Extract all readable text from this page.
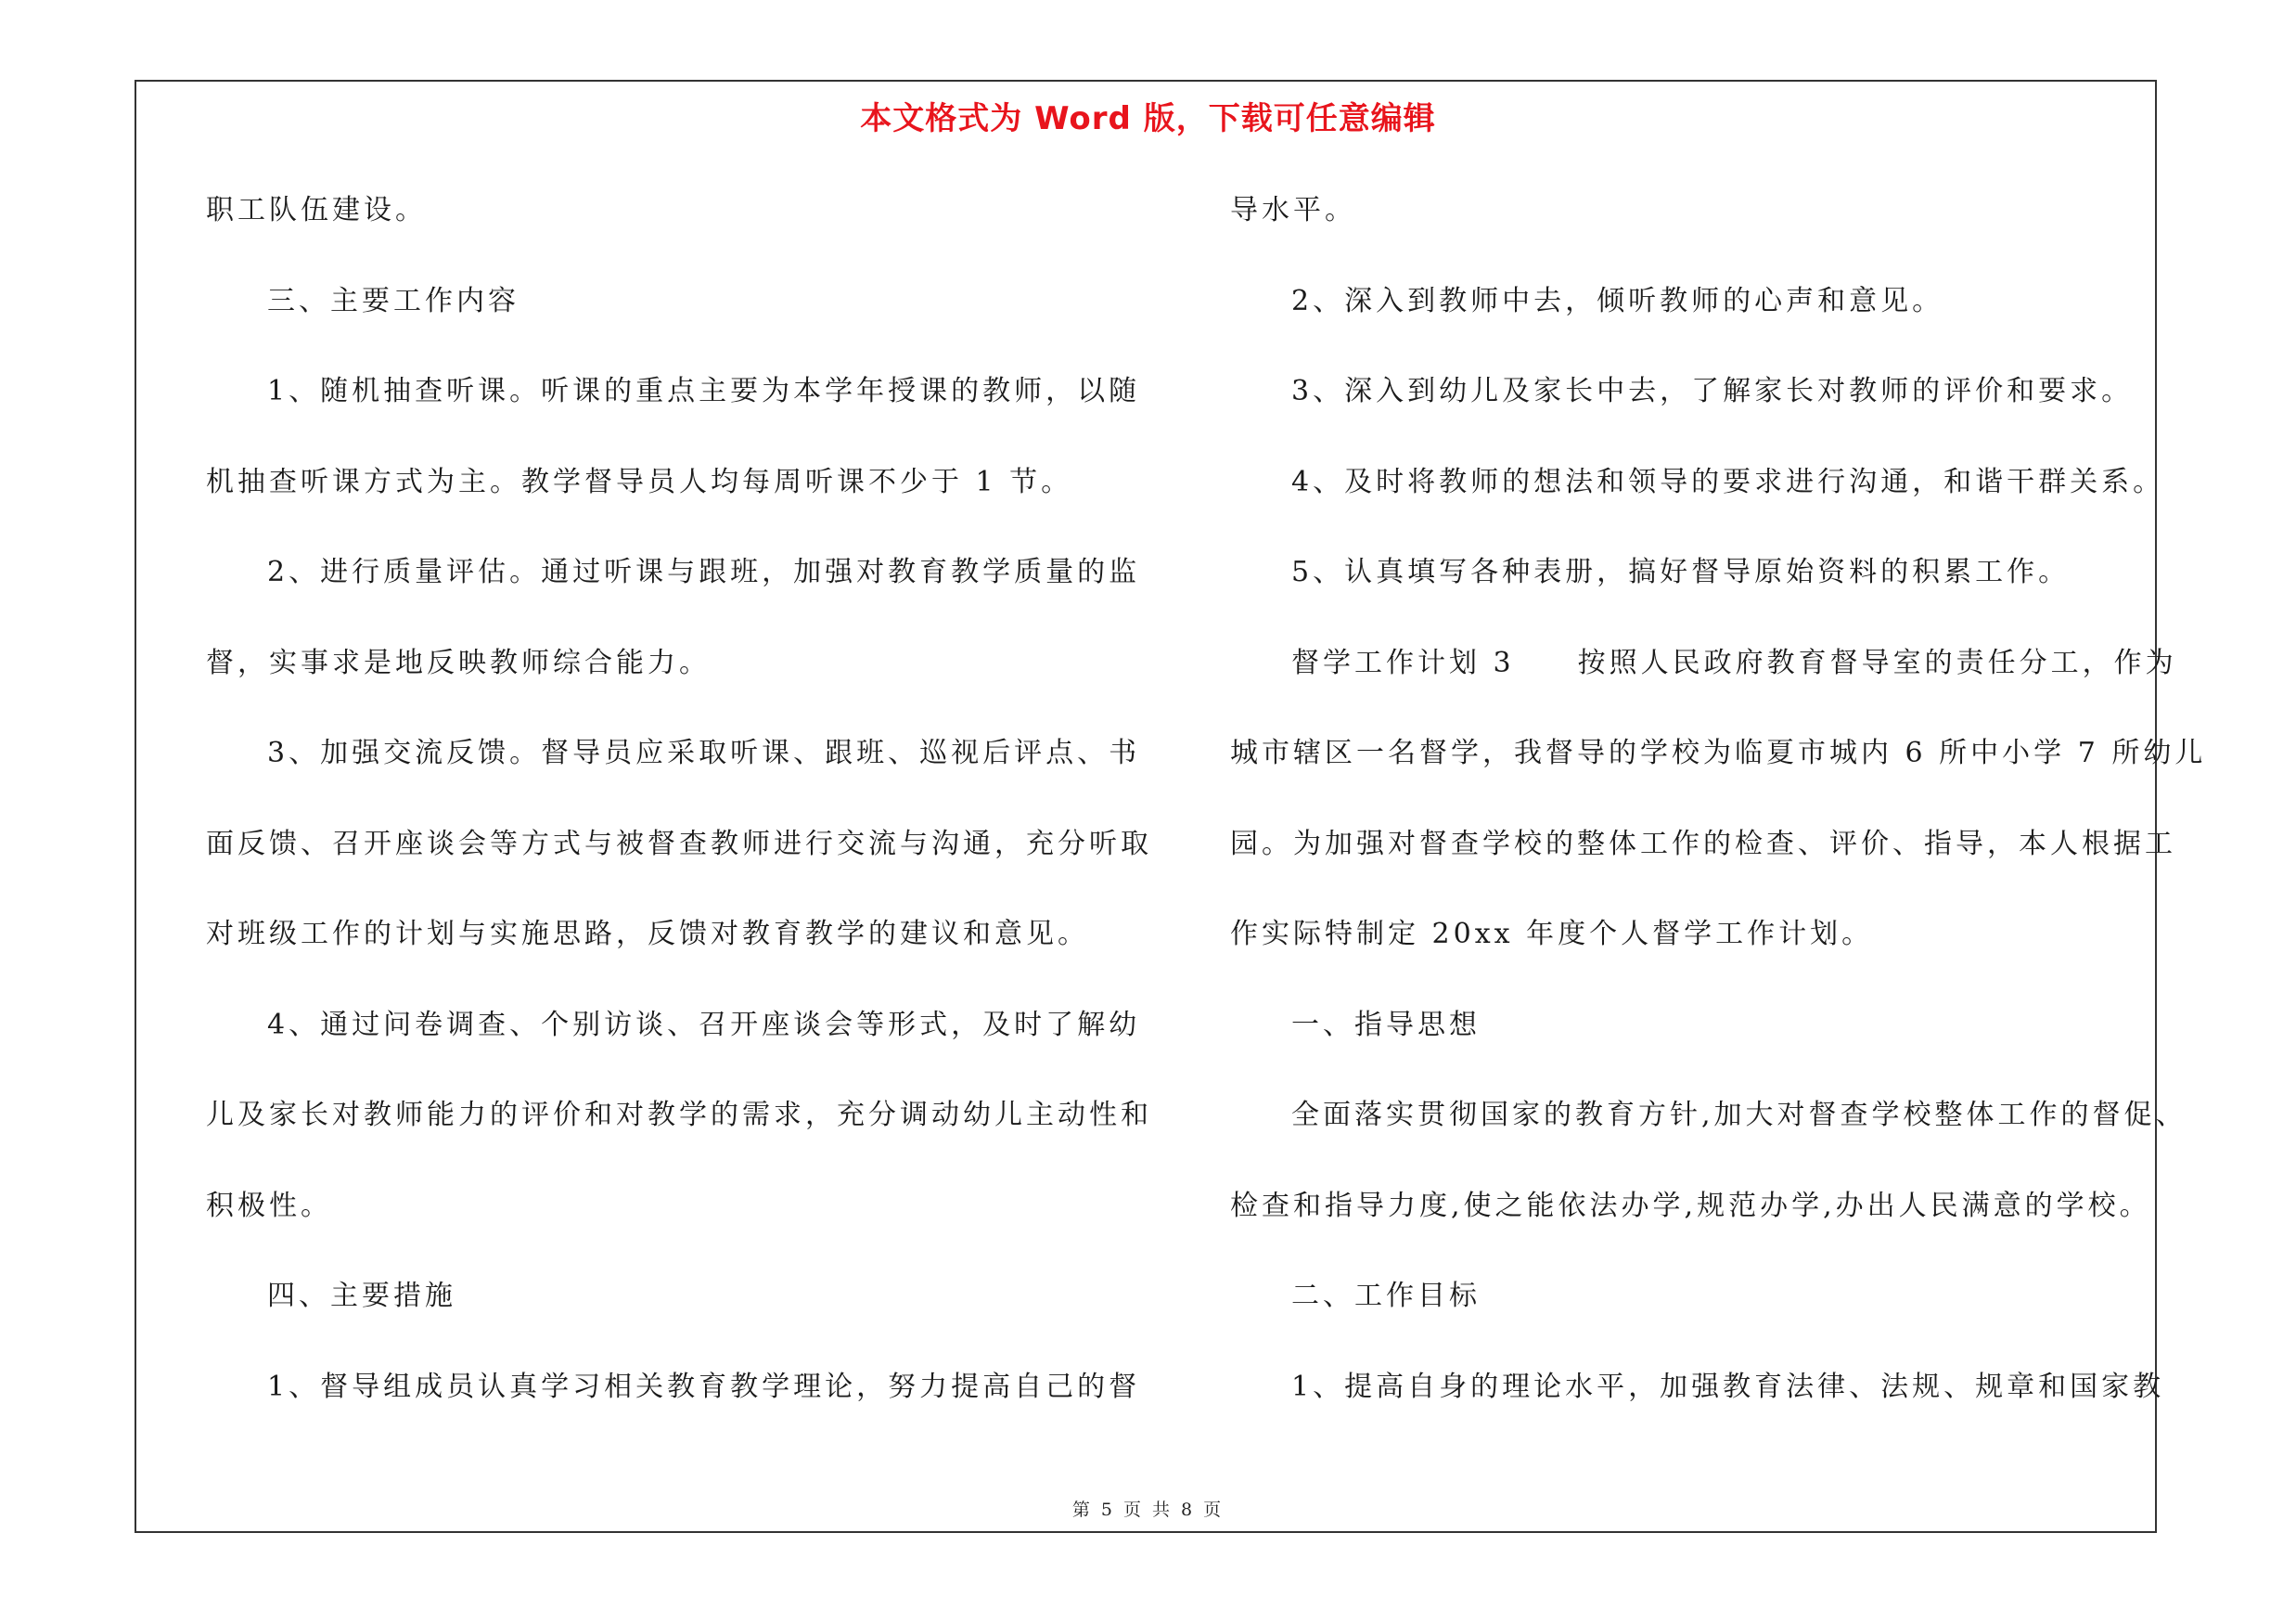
本文格式为 Word 版，下载可任意编辑
职工队伍建设。
三、主要工作内容
1、随机抽查听课。听课的重点主要为本学年授课的教师，以随
机抽查听课方式为主。教学督导员人均每周听课不少于 1 节。
2、进行质量评估。通过听课与跟班，加强对教育教学质量的监
督，实事求是地反映教师综合能力。
3、加强交流反馈。督导员应采取听课、跟班、巡视后评点、书
面反馈、召开座谈会等方式与被督查教师进行交流与沟通，充分听取
对班级工作的计划与实施思路，反馈对教育教学的建议和意见。
4、通过问卷调查、个别访谈、召开座谈会等形式，及时了解幼
儿及家长对教师能力的评价和对教学的需求，充分调动幼儿主动性和
积极性。
四、主要措施
1、督导组成员认真学习相关教育教学理论，努力提高自己的督
导水平。
2、深入到教师中去，倾听教师的心声和意见。
3、深入到幼儿及家长中去，了解家长对教师的评价和要求。
4、及时将教师的想法和领导的要求进行沟通，和谐干群关系。
5、认真填写各种表册，搞好督导原始资料的积累工作。
督学工作计划 3　　按照人民政府教育督导室的责任分工，作为
城市辖区一名督学，我督导的学校为临夏市城内 6 所中小学 7 所幼儿
园。为加强对督查学校的整体工作的检查、评价、指导，本人根据工
作实际特制定 20xx 年度个人督学工作计划。
一、指导思想
全面落实贯彻国家的教育方针,加大对督查学校整体工作的督促、
检查和指导力度,使之能依法办学,规范办学,办出人民满意的学校。
二、工作目标
1、提高自身的理论水平，加强教育法律、法规、规章和国家教
第 5 页 共 8 页
